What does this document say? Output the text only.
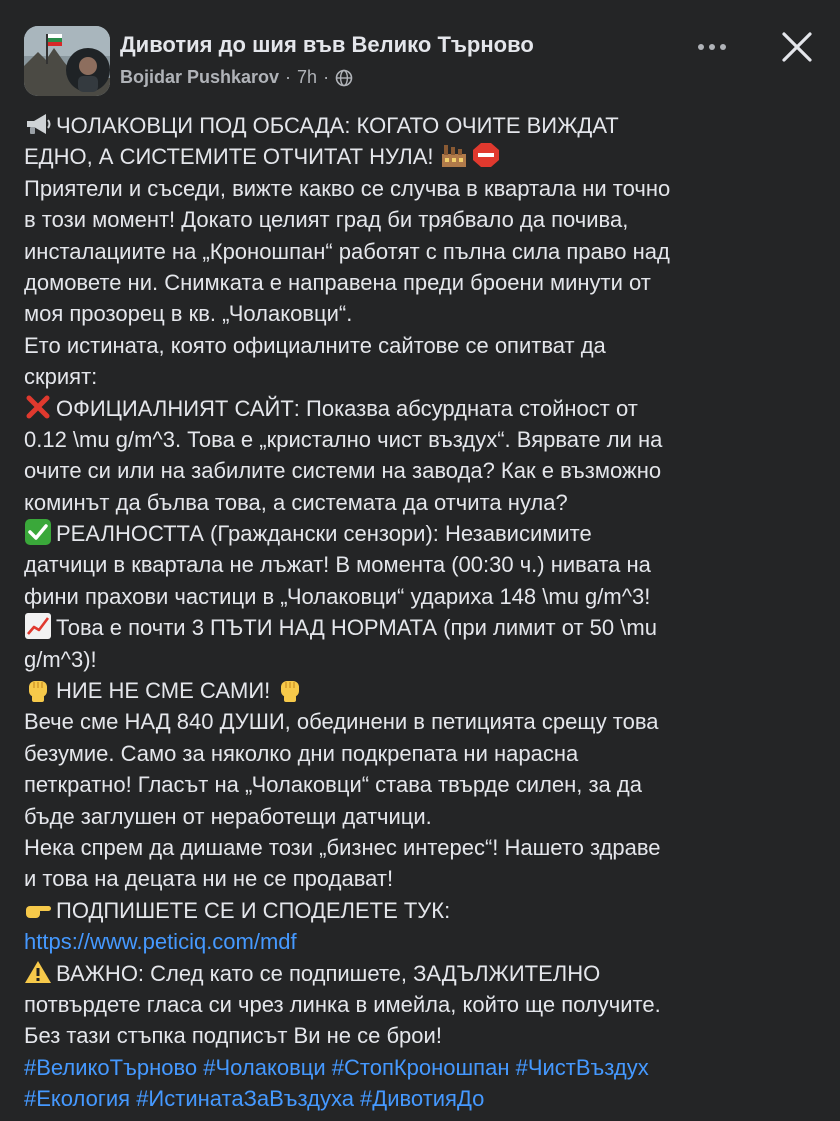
Дивотия до шия във Велико Търново
Bojidar Pushkarov · 7h ·
ЧОЛАКОВЦИ ПОД ОБСАДА: КОГАТО ОЧИТЕ ВИЖДАТ
ЕДНО, А СИСТЕМИТЕ ОТЧИТАТ НУЛА!
Приятели и съседи, вижте какво се случва в квартала ни точно
в този момент! Докато целият град би трябвало да почива,
инсталациите на „Кроношпан“ работят с пълна сила право над
домовете ни. Снимката е направена преди броени минути от
моя прозорец в кв. „Чолаковци“.
Ето истината, която официалните сайтове се опитват да
скрият:
ОФИЦИАЛНИЯТ САЙТ: Показва абсурдната стойност от
0.12 \mu g/m^3. Това е „кристално чист въздух“. Вярвате ли на
очите си или на забилите системи на завода? Как е възможно
коминът да бълва това, а системата да отчита нула?
РЕАЛНОСТТА (Граждански сензори): Независимите
датчици в квартала не лъжат! В момента (00:30 ч.) нивата на
фини прахови частици в „Чолаковци“ удариха 148 \mu g/m^3!
Това е почти 3 ПЪТИ НАД НОРМАТА (при лимит от 50 \mu
g/m^3)!
НИЕ НЕ СМЕ САМИ!
Вече сме НАД 840 ДУШИ, обединени в петицията срещу това
безумие. Само за няколко дни подкрепата ни нарасна
петкратно! Гласът на „Чолаковци“ става твърде силен, за да
бъде заглушен от неработещи датчици.
Нека спрем да дишаме този „бизнес интерес“! Нашето здраве
и това на децата ни не се продават!
ПОДПИШЕТЕ СЕ И СПОДЕЛЕТЕ ТУК:
https://www.peticiq.com/mdf
ВАЖНО: След като се подпишете, ЗАДЪЛЖИТЕЛНО
потвърдете гласа си чрез линка в имейла, който ще получите.
Без тази стъпка подписът Ви не се брои!
#ВеликоТърново #Чолаковци #СтопКроношпан #ЧистВъздух
#Екология #ИстинатаЗаВъздуха #ДивотияДо
